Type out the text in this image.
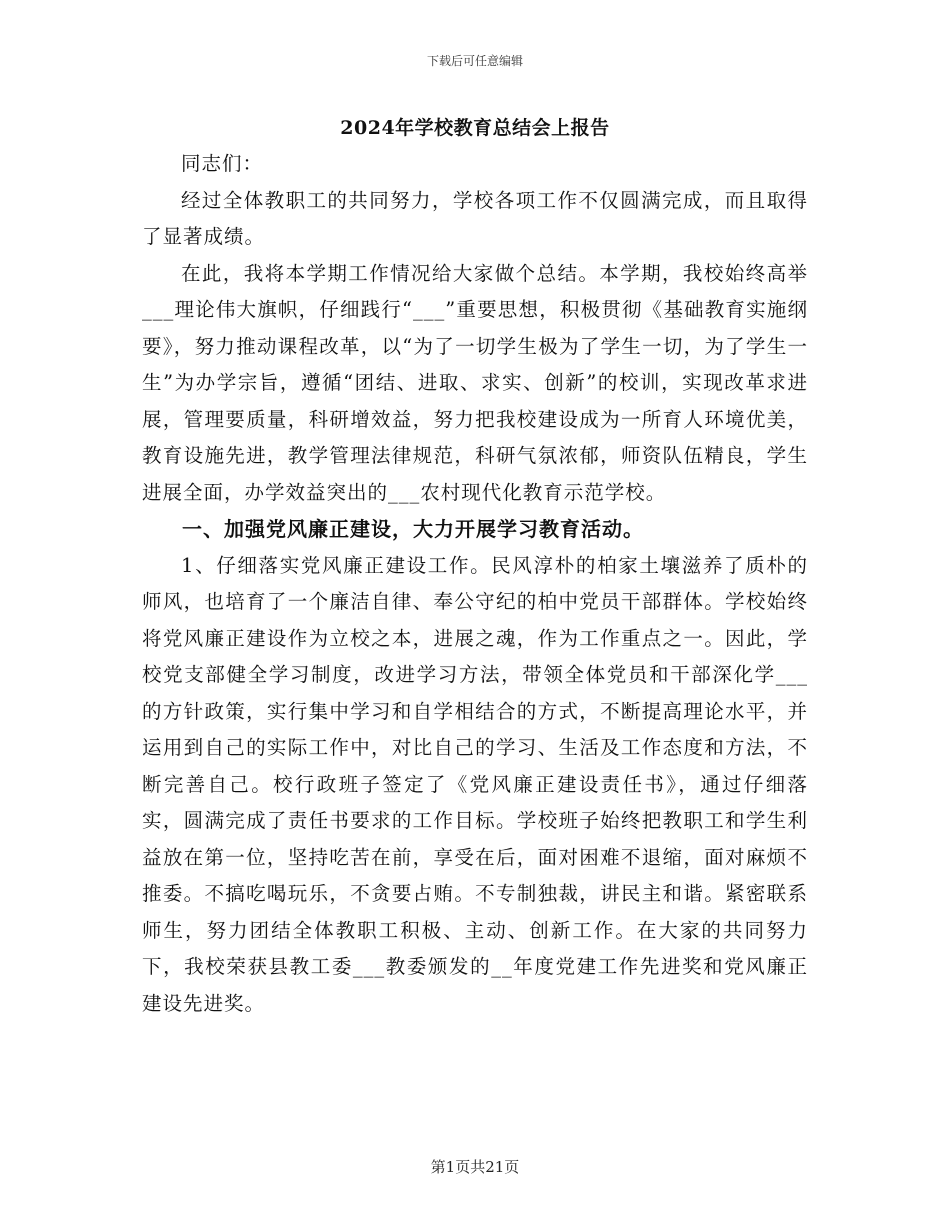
下载后可任意编辑
2024年学校教育总结会上报告

同志们：

经过全体教职工的共同努力，学校各项工作不仅圆满完成，而且取得了显著成绩。

在此，我将本学期工作情况给大家做个总结。本学期，我校始终高举___理论伟大旗帜，仔细践行“___”重要思想，积极贯彻《基础教育实施纲要》，努力推动课程改革，以“为了一切学生极为了学生一切，为了学生一生”为办学宗旨，遵循“团结、进取、求实、创新”的校训，实现改革求进展，管理要质量，科研增效益，努力把我校建设成为一所育人环境优美，教育设施先进，教学管理法律规范，科研气氛浓郁，师资队伍精良，学生进展全面，办学效益突出的___农村现代化教育示范学校。

一、加强党风廉正建设，大力开展学习教育活动。

1、仔细落实党风廉正建设工作。民风淳朴的柏家土壤滋养了质朴的师风，也培育了一个廉洁自律、奉公守纪的柏中党员干部群体。学校始终将党风廉正建设作为立校之本，进展之魂，作为工作重点之一。因此，学校党支部健全学习制度，改进学习方法，带领全体党员和干部深化学___的方针政策，实行集中学习和自学相结合的方式，不断提高理论水平，并运用到自己的实际工作中，对比自己的学习、生活及工作态度和方法，不断完善自己。校行政班子签定了《党风廉正建设责任书》，通过仔细落实，圆满完成了责任书要求的工作目标。学校班子始终把教职工和学生利益放在第一位，坚持吃苦在前，享受在后，面对困难不退缩，面对麻烦不推委。不搞吃喝玩乐，不贪要占贿。不专制独裁，讲民主和谐。紧密联系师生，努力团结全体教职工积极、主动、创新工作。在大家的共同努力下，我校荣获县教工委___教委颁发的__年度党建工作先进奖和党风廉正建设先进奖。

第1页共21页
